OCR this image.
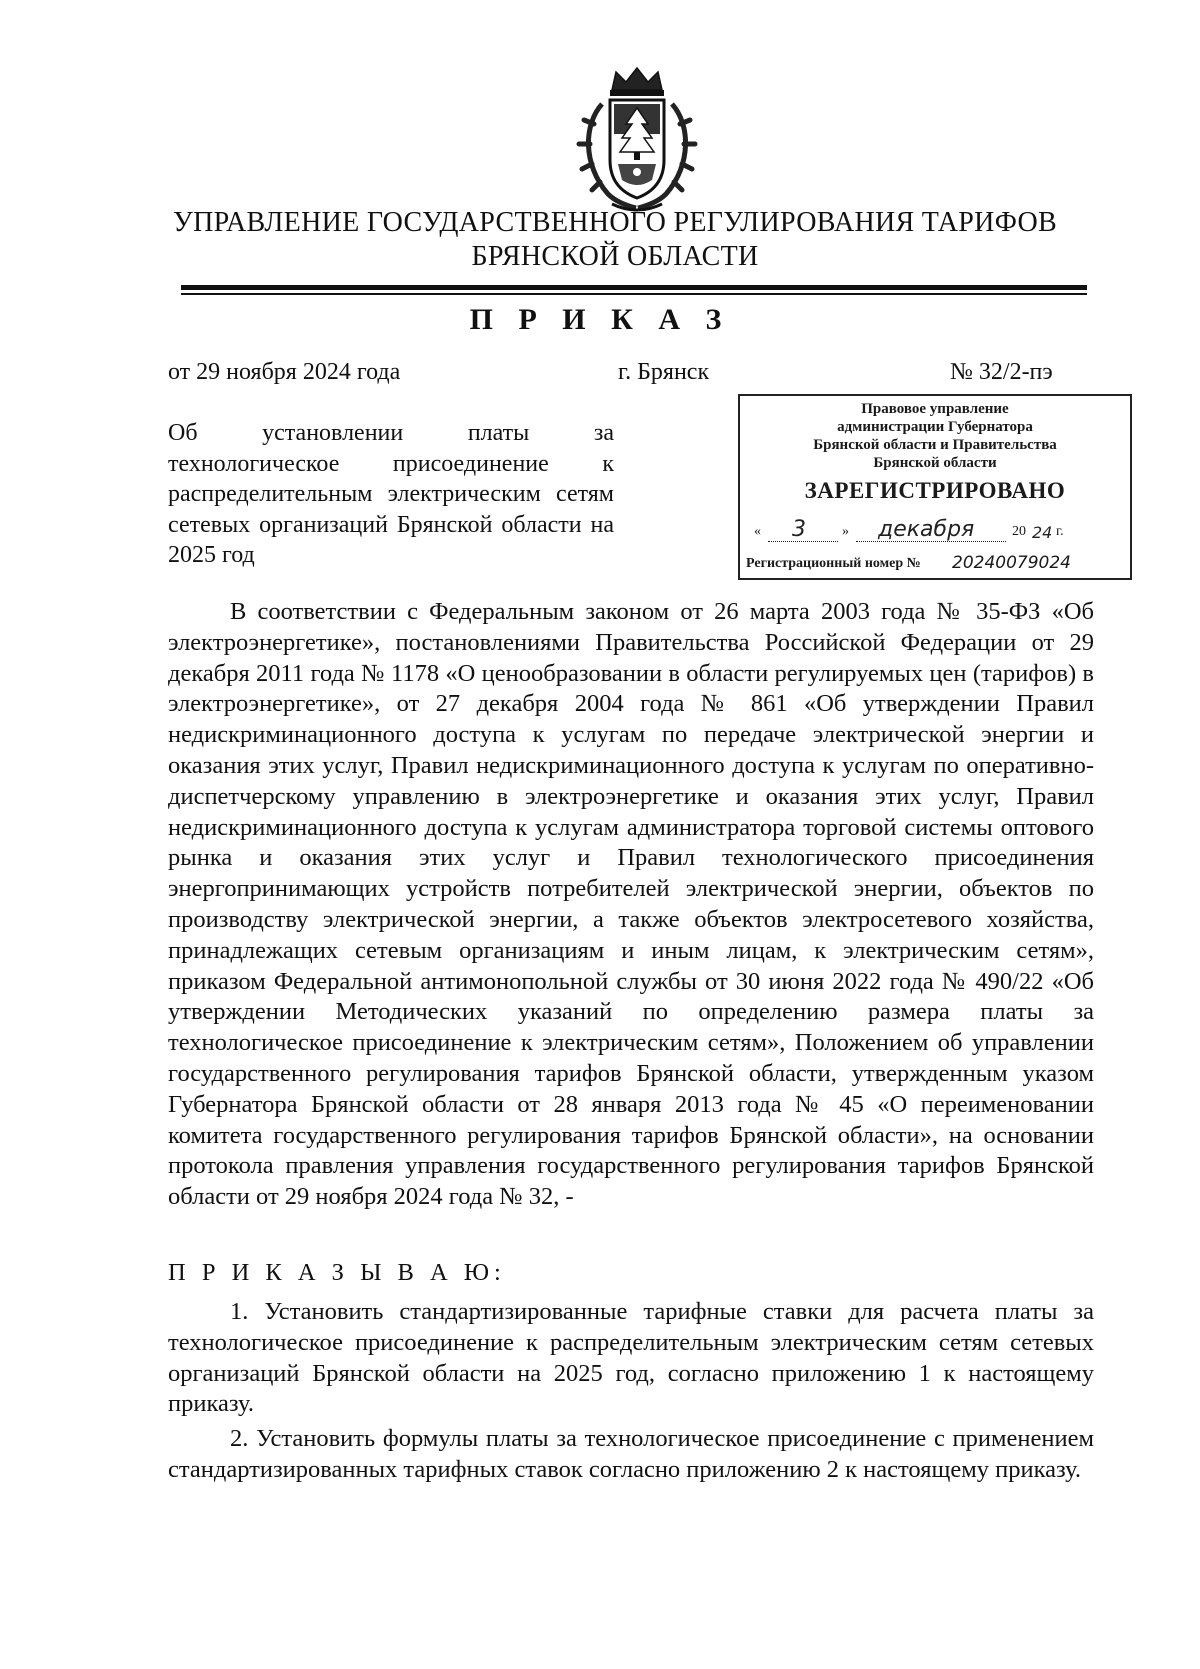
УПРАВЛЕНИЕ ГОСУДАРСТВЕННОГО РЕГУЛИРОВАНИЯ ТАРИФОВ
БРЯНСКОЙ ОБЛАСТИ
П Р И К А З
от 29 ноября 2024 года	г. Брянск	№ 32/2-пэ
Об установлении платы за технологическое присоединение к распределительным электрическим сетям сетевых организаций Брянской области на 2025 год
Правовое управление
администрации Губернатора
Брянской области и Правительства
Брянской области
ЗАРЕГИСТРИРОВАНО
« 3	» декабря	20 24 г.
Регистрационный номер № 20240079024
В соответствии с Федеральным законом от 26 марта 2003 года № 35-ФЗ «Об электроэнергетике», постановлениями Правительства Российской Федерации от 29 декабря 2011 года № 1178 «О ценообразовании в области регулируемых цен (тарифов) в электроэнергетике», от 27 декабря 2004 года № 861 «Об утверждении Правил недискриминационного доступа к услугам по передаче электрической энергии и оказания этих услуг, Правил недискриминационного доступа к услугам по оперативно-диспетчерскому управлению в электроэнергетике и оказания этих услуг, Правил недискриминационного доступа к услугам администратора торговой системы оптового рынка и оказания этих услуг и Правил технологического присоединения энергопринимающих устройств потребителей электрической энергии, объектов по производству электрической энергии, а также объектов электросетевого хозяйства, принадлежащих сетевым организациям и иным лицам, к электрическим сетям», приказом Федеральной антимонопольной службы от 30 июня 2022 года № 490/22 «Об утверждении Методических указаний по определению размера платы за технологическое присоединение к электрическим сетям», Положением об управлении государственного регулирования тарифов Брянской области, утвержденным указом Губернатора Брянской области от 28 января 2013 года № 45 «О переименовании комитета государственного регулирования тарифов Брянской области», на основании протокола правления управления государственного регулирования тарифов Брянской области от 29 ноября 2024 года № 32, -
П Р И К А З Ы В А Ю:
1. Установить стандартизированные тарифные ставки для расчета платы за технологическое присоединение к распределительным электрическим сетям сетевых организаций Брянской области на 2025 год, согласно приложению 1 к настоящему приказу.
2. Установить формулы платы за технологическое присоединение с применением стандартизированных тарифных ставок согласно приложению 2 к настоящему приказу.
